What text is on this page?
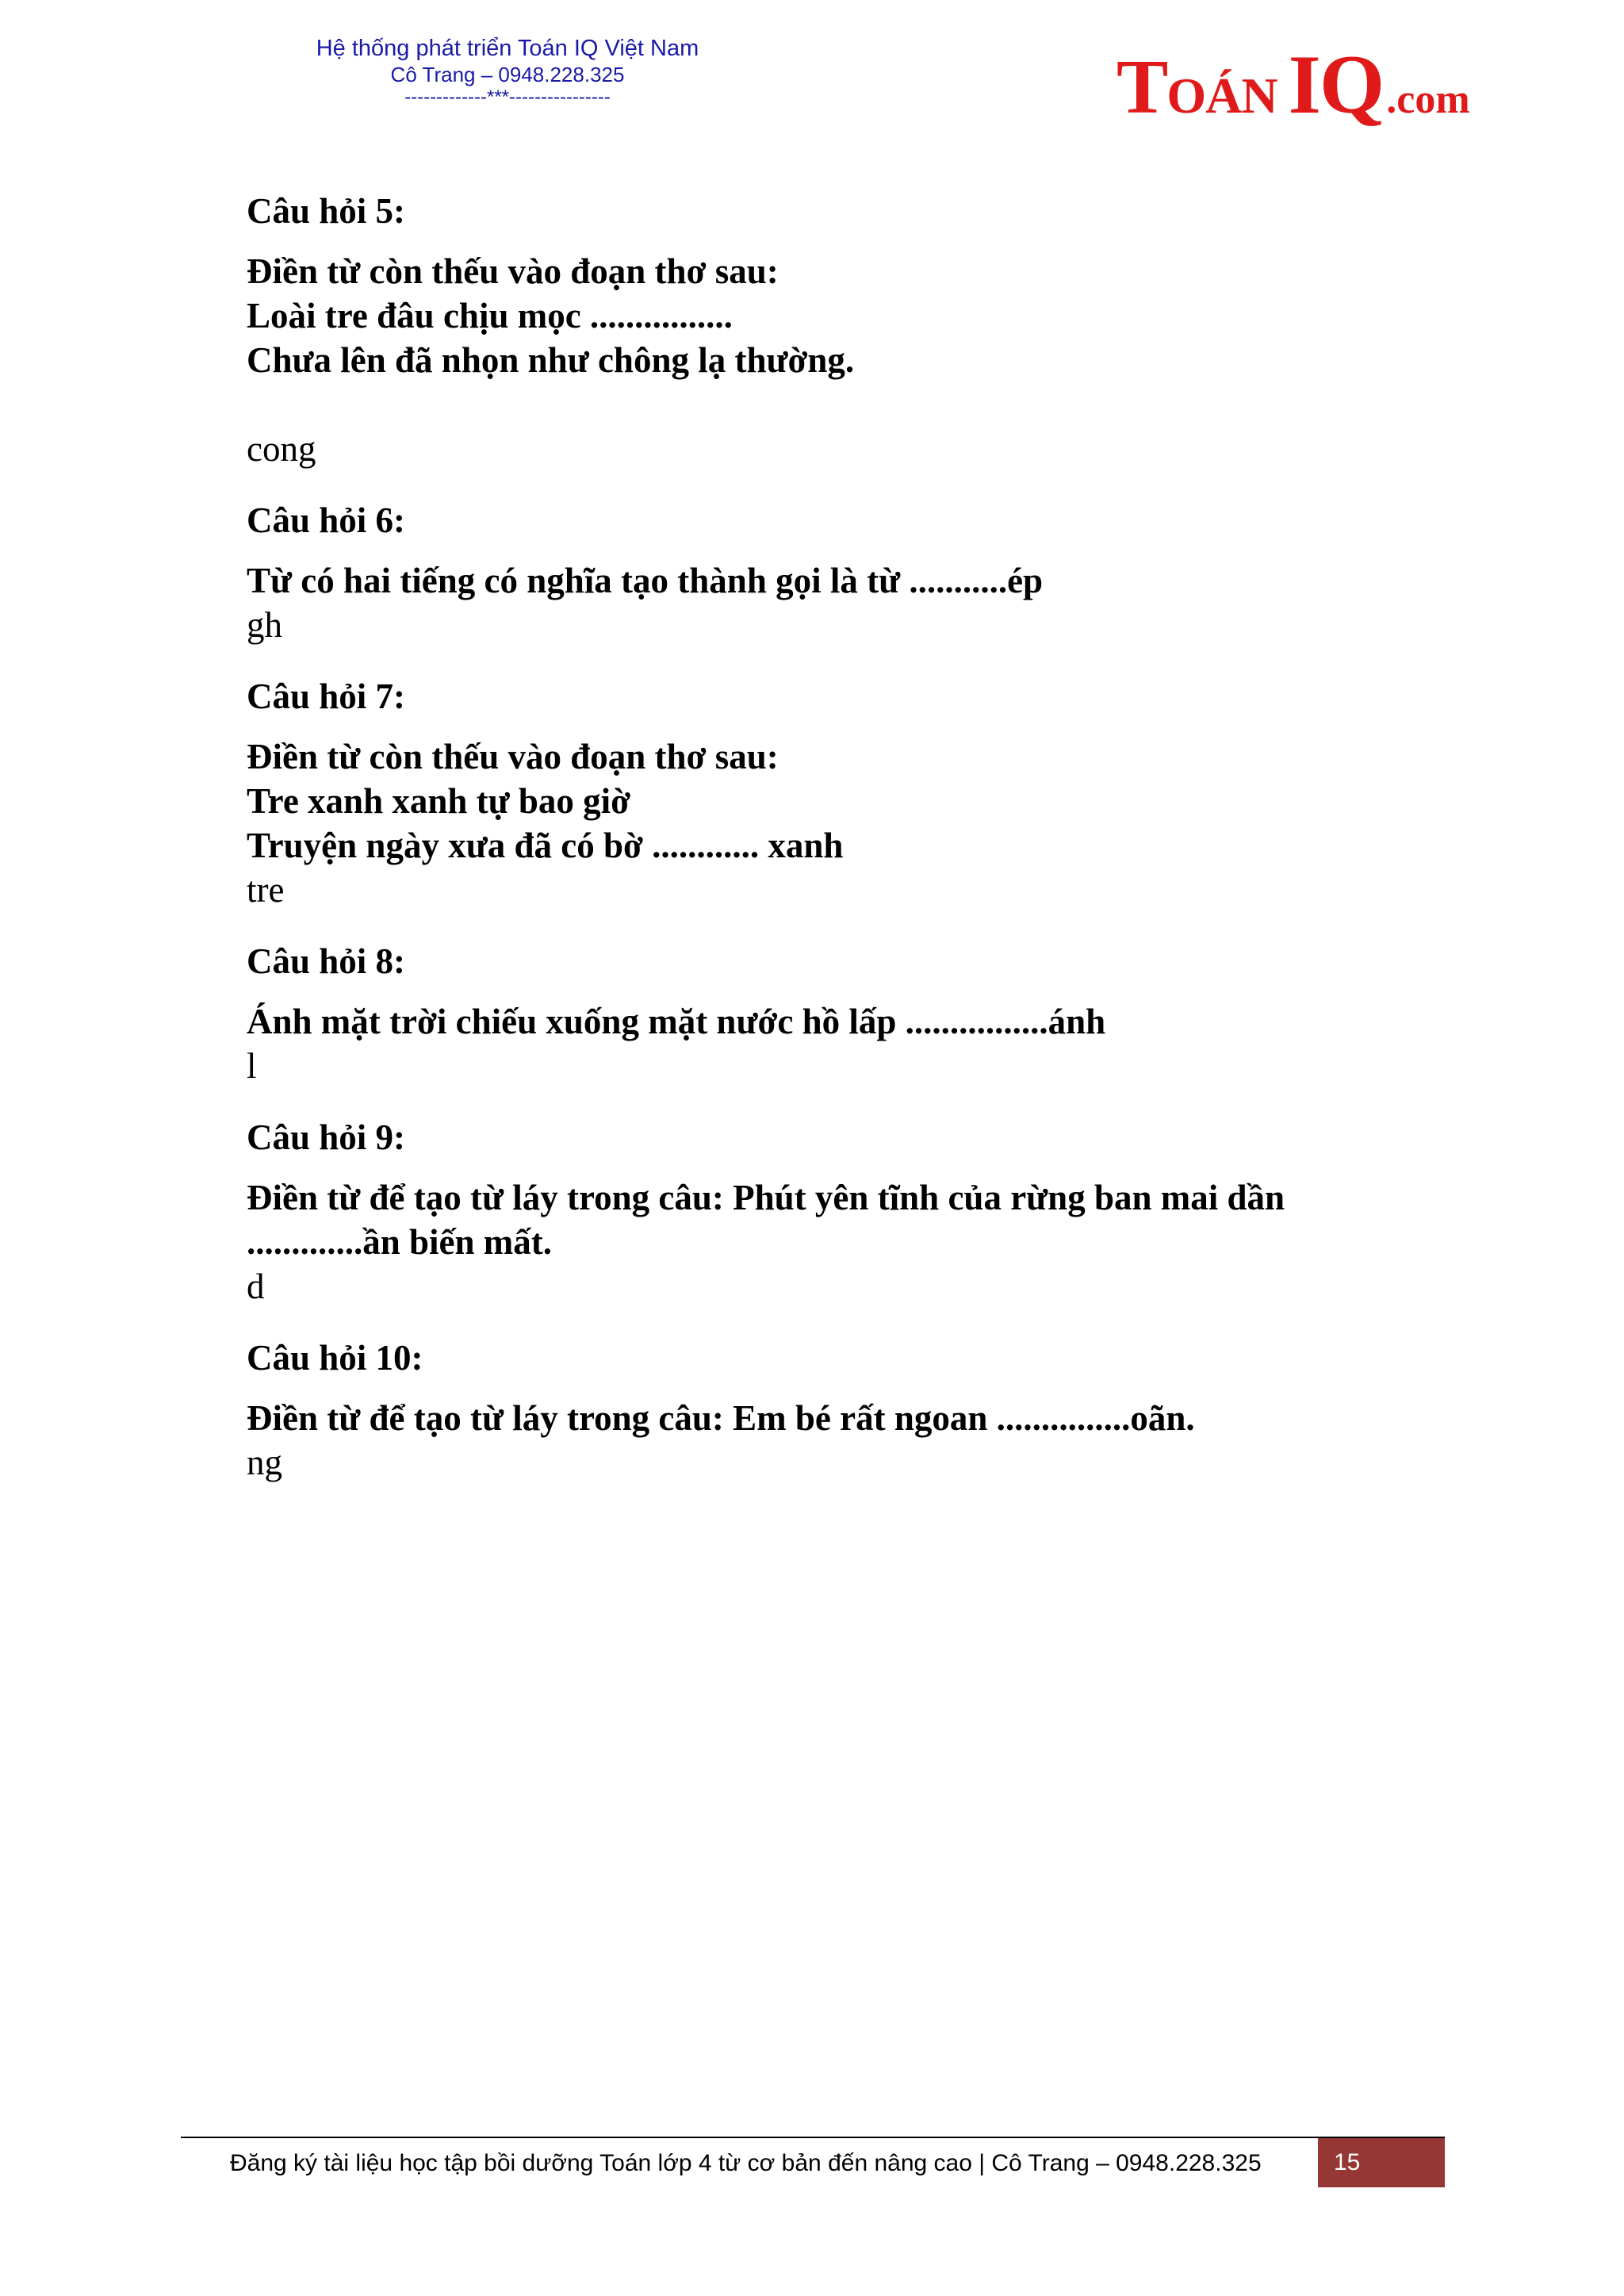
Hệ thống phát triển Toán IQ Việt Nam
Cô Trang – 0948.228.325
-------------***----------------	TOÁN IQ.com

Câu hỏi 5:

Điền từ còn thếu vào đoạn thơ sau:

Loài tre đâu chịu mọc ................

Chưa lên đã nhọn như chông lạ thường.

cong

Câu hỏi 6:

Từ có hai tiếng có nghĩa tạo thành gọi là từ ...........ép

gh

Câu hỏi 7:

Điền từ còn thếu vào đoạn thơ sau:

Tre xanh xanh tự bao giờ

Truyện ngày xưa đã có bờ ............ xanh

tre

Câu hỏi 8:

Ánh mặt trời chiếu xuống mặt nước hồ lấp ................ánh

l

Câu hỏi 9:

Điền từ để tạo từ láy trong câu: Phút yên tĩnh của rừng ban mai dần

.............ần biến mất.

d

Câu hỏi 10:

Điền từ để tạo từ láy trong câu: Em bé rất ngoan ...............oãn.

ng

Đăng ký tài liệu học tập bồi dưỡng Toán lớp 4 từ cơ bản đến nâng cao | Cô Trang – 0948.228.325	15
